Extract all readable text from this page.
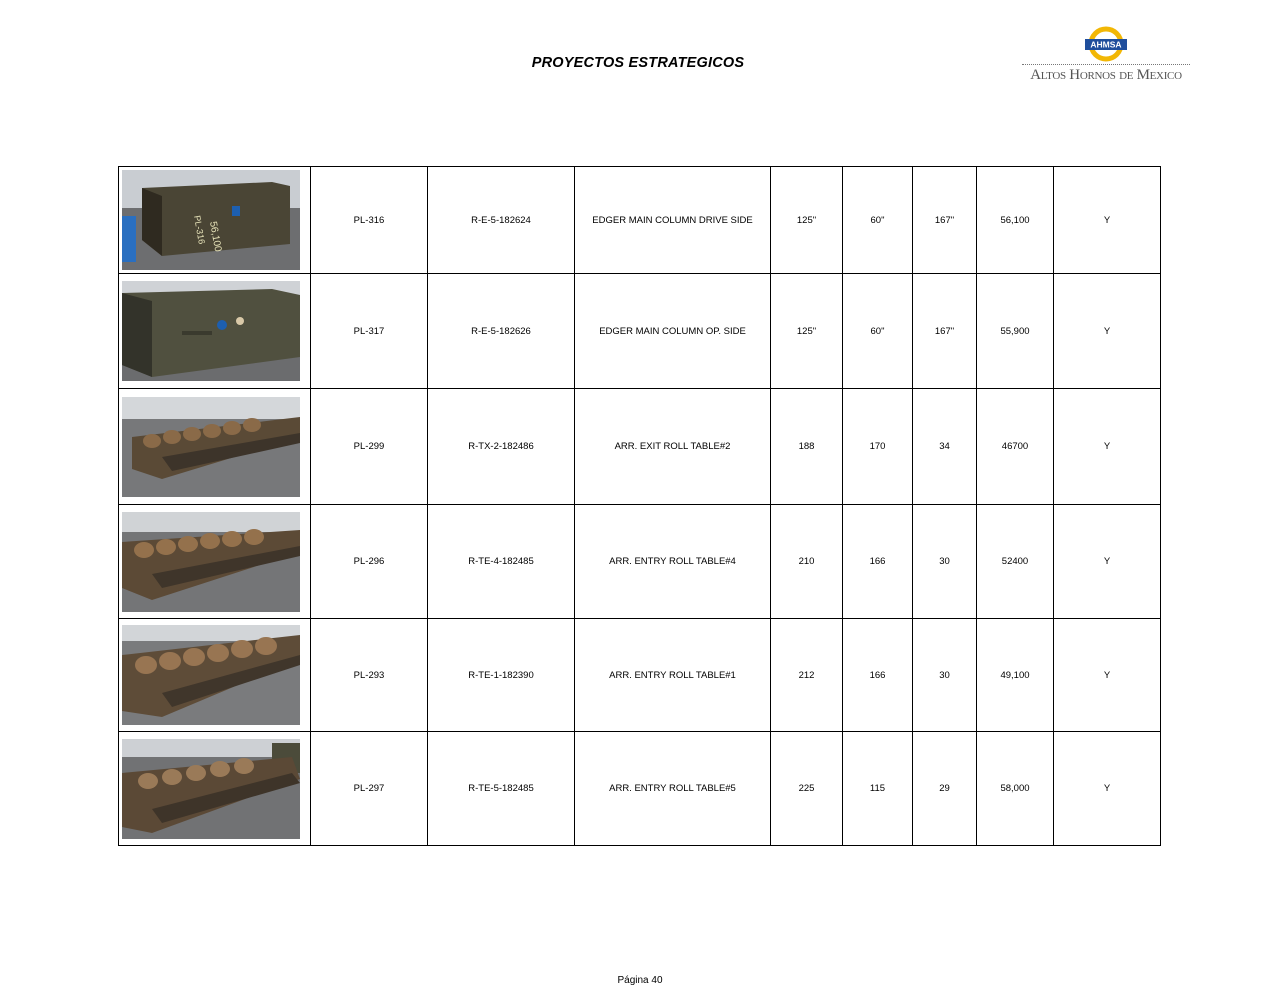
PROYECTOS ESTRATEGICOS
AHMSA
Altos Hornos de Mexico
56,100
PL-316	PL-316	R-E-5-182624	EDGER MAIN COLUMN DRIVE SIDE	125"	60"	167"	56,100	Y

	PL-317	R-E-5-182626	EDGER MAIN COLUMN OP. SIDE	125"	60"	167"	55,900	Y

	PL-299	R-TX-2-182486	ARR. EXIT ROLL TABLE#2	188	170	34	46700	Y

	PL-296	R-TE-4-182485	ARR. ENTRY ROLL TABLE#4	210	166	30	52400	Y

	PL-293	R-TE-1-182390	ARR. ENTRY ROLL TABLE#1	212	166	30	49,100	Y

	PL-297	R-TE-5-182485	ARR. ENTRY ROLL TABLE#5	225	115	29	58,000	Y
Página 40
